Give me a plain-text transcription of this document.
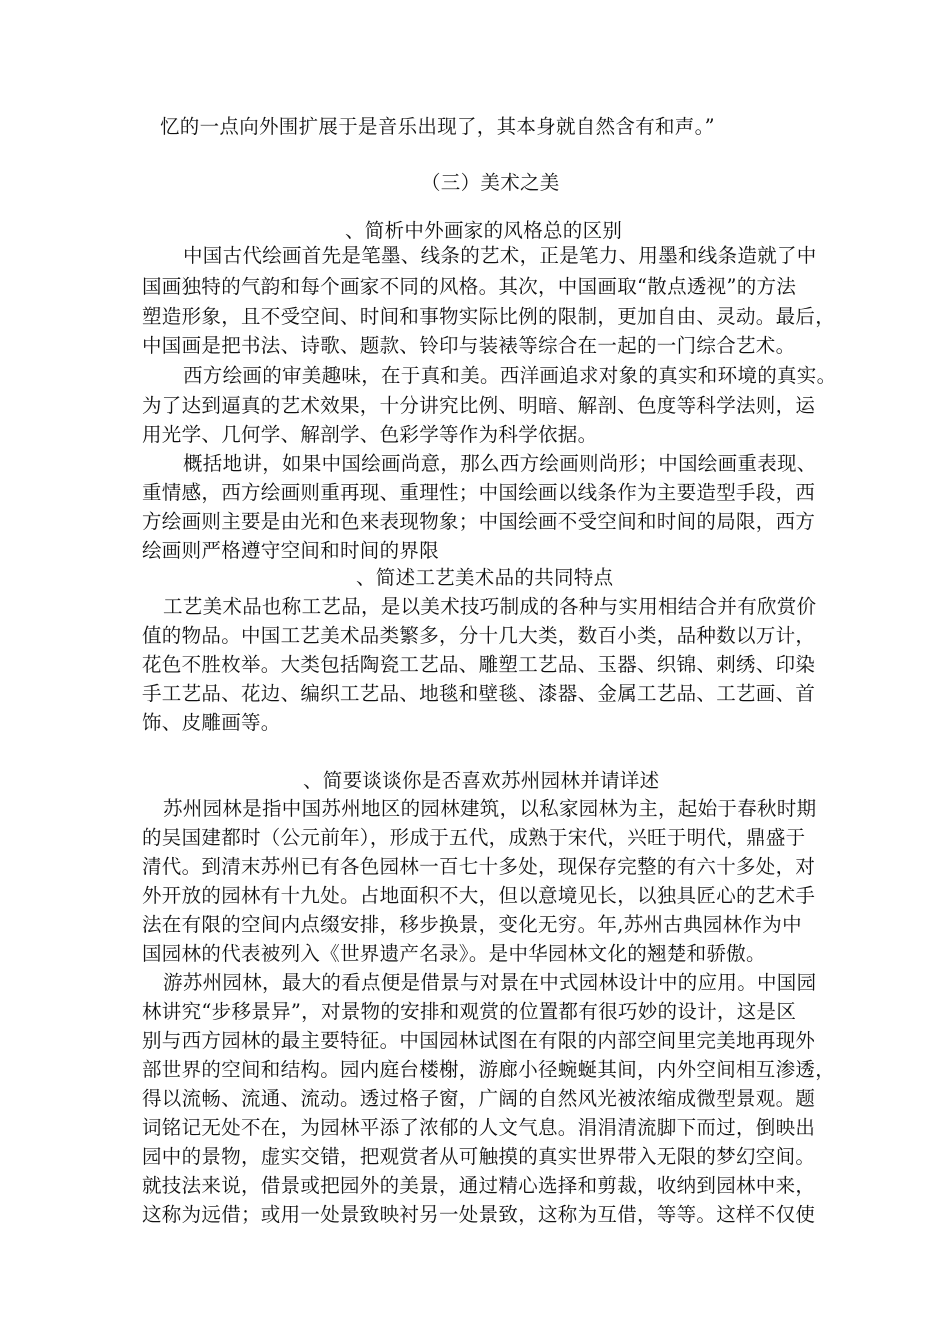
忆的一点向外围扩展于是音乐出现了，其本身就自然含有和声。”
（三）美术之美
、简析中外画家的风格总的区别
中国古代绘画首先是笔墨、线条的艺术，正是笔力、用墨和线条造就了中
国画独特的气韵和每个画家不同的风格。其次，中国画取“散点透视”的方法
塑造形象，且不受空间、时间和事物实际比例的限制，更加自由、灵动。最后，
中国画是把书法、诗歌、题款、铃印与装裱等综合在一起的一门综合艺术。
西方绘画的审美趣味，在于真和美。西洋画追求对象的真实和环境的真实。
为了达到逼真的艺术效果，十分讲究比例、明暗、解剖、色度等科学法则，运
用光学、几何学、解剖学、色彩学等作为科学依据。
概括地讲，如果中国绘画尚意，那么西方绘画则尚形；中国绘画重表现、
重情感，西方绘画则重再现、重理性；中国绘画以线条作为主要造型手段，西
方绘画则主要是由光和色来表现物象；中国绘画不受空间和时间的局限，西方
绘画则严格遵守空间和时间的界限
、简述工艺美术品的共同特点
工艺美术品也称工艺品，是以美术技巧制成的各种与实用相结合并有欣赏价
值的物品。中国工艺美术品类繁多，分十几大类，数百小类，品种数以万计，
花色不胜枚举。大类包括陶瓷工艺品、雕塑工艺品、玉器、织锦、刺绣、印染
手工艺品、花边、编织工艺品、地毯和壁毯、漆器、金属工艺品、工艺画、首
饰、皮雕画等。
、简要谈谈你是否喜欢苏州园林并请详述
苏州园林是指中国苏州地区的园林建筑，以私家园林为主，起始于春秋时期
的吴国建都时（公元前年），形成于五代，成熟于宋代，兴旺于明代，鼎盛于
清代。到清末苏州已有各色园林一百七十多处，现保存完整的有六十多处，对
外开放的园林有十九处。占地面积不大，但以意境见长，以独具匠心的艺术手
法在有限的空间内点缀安排，移步换景，变化无穷。年,苏州古典园林作为中
国园林的代表被列入《世界遗产名录》。是中华园林文化的翘楚和骄傲。
游苏州园林，最大的看点便是借景与对景在中式园林设计中的应用。中国园
林讲究“步移景异”，对景物的安排和观赏的位置都有很巧妙的设计，这是区
别与西方园林的最主要特征。中国园林试图在有限的内部空间里完美地再现外
部世界的空间和结构。园内庭台楼榭，游廊小径蜿蜒其间，内外空间相互渗透，
得以流畅、流通、流动。透过格子窗，广阔的自然风光被浓缩成微型景观。题
词铭记无处不在，为园林平添了浓郁的人文气息。涓涓清流脚下而过，倒映出
园中的景物，虚实交错，把观赏者从可触摸的真实世界带入无限的梦幻空间。
就技法来说，借景或把园外的美景，通过精心选择和剪裁，收纳到园林中来，
这称为远借；或用一处景致映衬另一处景致，这称为互借，等等。这样不仅使
